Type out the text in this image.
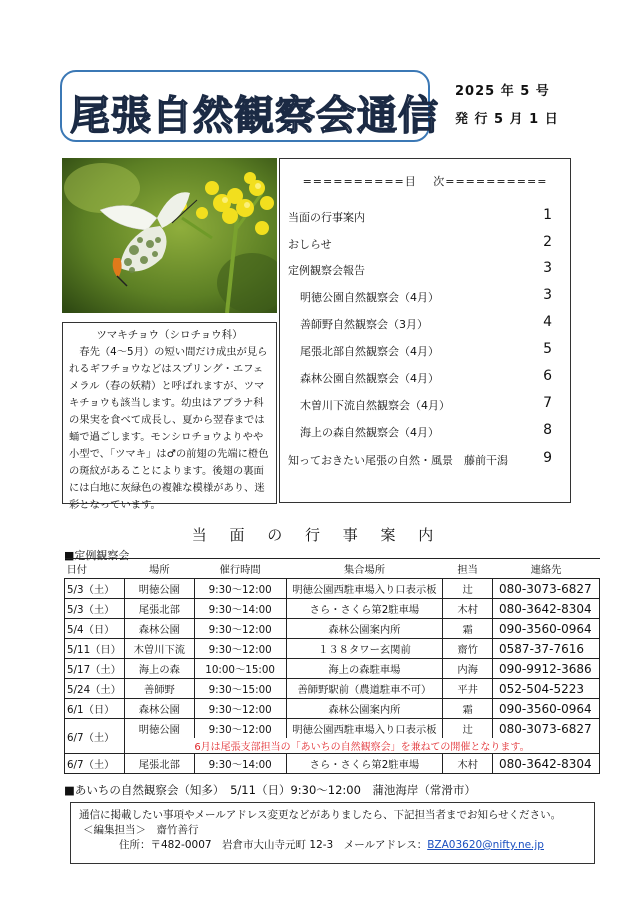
尾張自然観察会通信
2025 年 5 号
発 行 5 月 1 日
ツマキチョウ（シロチョウ科）
春先（4～5月）の短い間だけ成虫が見られるギフチョウなどはスプリング・エフェメラル（春の妖精）と呼ばれますが、ツマキチョウも該当します。幼虫はアブラナ科の果実を食べて成長し、夏から翌春までは蛹で過ごします。モンシロチョウよりやや小型で、「ツマキ」は♂の前翅の先端に橙色の斑紋があることによります。後翅の裏面には白地に灰緑色の複雑な模様があり、迷彩となっています。
==========目　 次==========
当面の行事案内	1
おしらせ	2
定例観察会報告	3
明徳公園自然観察会（4月）	3
善師野自然観察会（3月）	4
尾張北部自然観察会（4月）	5
森林公園自然観察会（4月）	6
木曽川下流自然観察会（4月）	7
海上の森自然観察会（4月）	8
知っておきたい尾張の自然・風景　藤前干潟	9
当 面 の 行 事 案 内
■定例観察会
日付	場所	催行時間	集合場所	担当	連絡先
5/3（土）	明徳公園	9:30～12:00	明徳公園西駐車場入り口表示板	辻	080-3073-6827
5/3（土）	尾張北部	9:30～14:00	さら・さくら第2駐車場	木村	080-3642-8304
5/4（日）	森林公園	9:30～12:00	森林公園案内所	霜	090-3560-0964
5/11（日）	木曽川下流	9:30～12:00	１３８タワー玄関前	齋竹	0587-37-7616
5/17（土）	海上の森	10:00～15:00	海上の森駐車場	内海	090-9912-3686
5/24（土）	善師野	9:30～15:00	善師野駅前（農道駐車不可）	平井	052-504-5223
6/1（日）	森林公園	9:30～12:00	森林公園案内所	霜	090-3560-0964
6/7（土）	明徳公園	9:30～12:00	明徳公園西駐車場入り口表示板	辻	080-3073-6827
	6月は尾張支部担当の「あいちの自然観察会」を兼ねての開催となります。				
6/7（土）	尾張北部	9:30～14:00	さら・さくら第2駐車場	木村	080-3642-8304
■あいちの自然観察会（知多）　5/11（日）9:30～12:00　蒲池海岸（常滑市）
通信に掲載したい事項やメールアドレス変更などがありましたら、下記担当者までお知らせください。
＜編集担当＞　齋竹善行
住所：〒482-0007　岩倉市大山寺元町 12-3　メールアドレス：BZA03620@nifty.ne.jp
